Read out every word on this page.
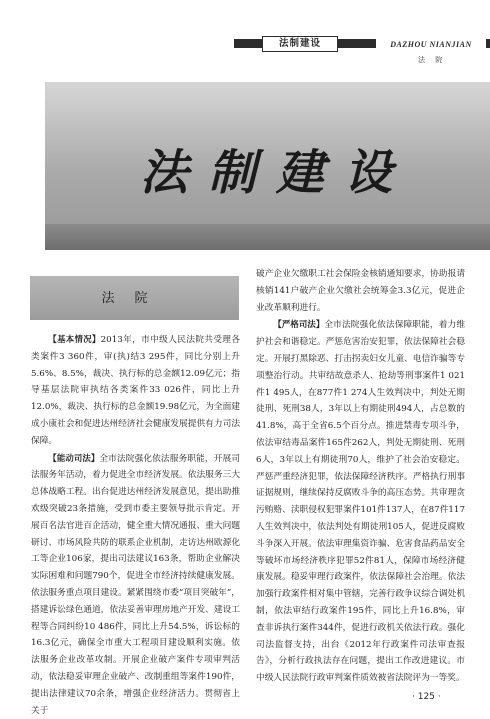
法制建设	DAZHOU NIANJIAN
法 院
法制建设
法院

【基本情况】2013年，市中级人民法院共受理各类案件3 360件，审(执)结3 295件，同比分别上升5.6%、8.5%，裁决、执行标的总金额12.09亿元；指导基层法院审执结各类案件33 026件，同比上升12.0%，裁决、执行标的总金额19.98亿元，为全面建成小康社会和促进达州经济社会健康发展提供有力司法保障。

【能动司法】全市法院强化依法服务职能，开展司法服务年活动，着力促进全市经济发展。依法服务三大总体战略工程。出台促进达州经济发展意见，提出助推欢级突破23条措施，受到市委主要领导批示肯定。开展百名法官进百企活动，健全重大情况通报、重大问题研讨、市场风险共防的联系企业机制，走访达州欧源化工等企业106家，提出司法建议163条，帮助企业解决实际困难和问题790个，促进全市经济持续健康发展。依法服务重点项目建设。紧紧围绕市委“项目突破年”，搭建诉讼绿色通道，依法妥善审理房地产开发、建设工程等合同纠纷10 486件，同比上升54.5%，诉讼标的16.3亿元，确保全市重大工程项目建设顺利实施。依法服务企业改革攻制。开展企业破产案件专项审判活动，依法稳妥审理企业破产、改制重组等案件190件，提出法律建议70余条，增强企业经济活力。贯彻省上关于

破产企业欠缴职工社会保险金核销通知要求，协助报请核销141户破产企业欠缴社会统筹金3.3亿元，促进企业改革顺利进行。

【严格司法】全市法院强化依法保障职能，着力维护社会和谐稳定。严惩危害治安犯罪，依法保障社会稳定。开展打黑除恶、打击拐卖妇女儿童、电信诈骗等专项整治行动。共审结故意杀人、抢劫等刑事案件1 021件1 495人，在877件1 274人生效判决中，判处无期徒刑、死刑38人，3年以上有期徒刑494人，占总数的41.8%，高于全省6.5个百分点。推进禁毒专项斗争，依法审结毒品案件165件262人，判处无期徒刑、死刑6人，3年以上有期徒刑70人，维护了社会治安稳定。严惩严重经济犯罪，依法保障经济秩序。严格执行刑事证据规则，继续保持反腐败斗争的高压态势。共审理贪污贿赂、渎职侵权犯罪案件101件137人，在87件117人生效判决中，依法判处有期徒刑105人，促进反腐败斗争深入开展。依法审理集资诈骗、危害食品药品安全等破坏市场经济秩序犯罪52件81人，保障市场经济健康发展。稳妥审理行政案件，依法保障社会治理。依法加强行政案件相对集中管辖，完善行政争议综合调处机制，依法审结行政案件195件，同比上升16.8%，审查非诉执行案件344件，促进行政机关依法行政。强化司法监督支持，出台《2012年行政案件司法审查报告》，分析行政执法存在问题，提出工作改进建议。市中级人民法院行政审判案件质效被省法院评为一等奖。

· 125 ·
